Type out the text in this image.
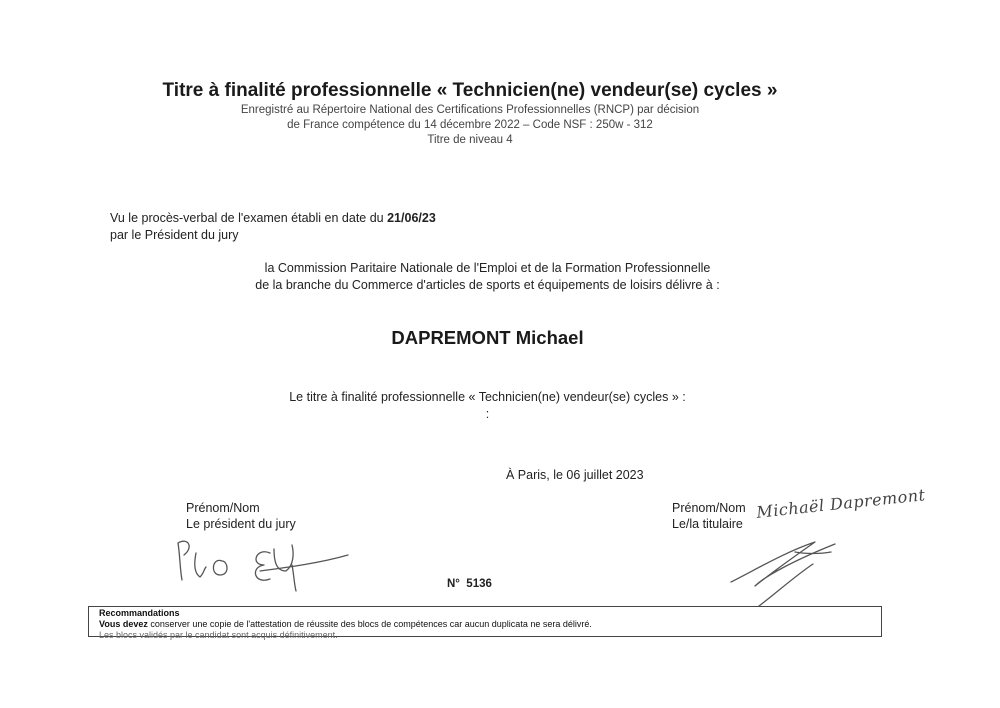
Titre à finalité professionnelle « Technicien(ne) vendeur(se) cycles »
Enregistré au Répertoire National des Certifications Professionnelles (RNCP) par décision
de France compétence du 14 décembre 2022 – Code NSF : 250w - 312
Titre de niveau 4
Vu le procès-verbal de l'examen établi en date du 21/06/23
par le Président du jury
la Commission Paritaire Nationale de l'Emploi et de la Formation Professionnelle
de la branche du Commerce d'articles de sports et équipements de loisirs délivre à :
DAPREMONT Michael
Le titre à finalité professionnelle « Technicien(ne) vendeur(se) cycles » :
:
À Paris, le 06 juillet 2023
Prénom/Nom
Le président du jury
Prénom/Nom
Le/la titulaire
Michaël Dapremont
N° 5136
Recommandations
Vous devez conserver une copie de l'attestation de réussite des blocs de compétences car aucun duplicata ne sera délivré.
Les blocs validés par le candidat sont acquis définitivement.
